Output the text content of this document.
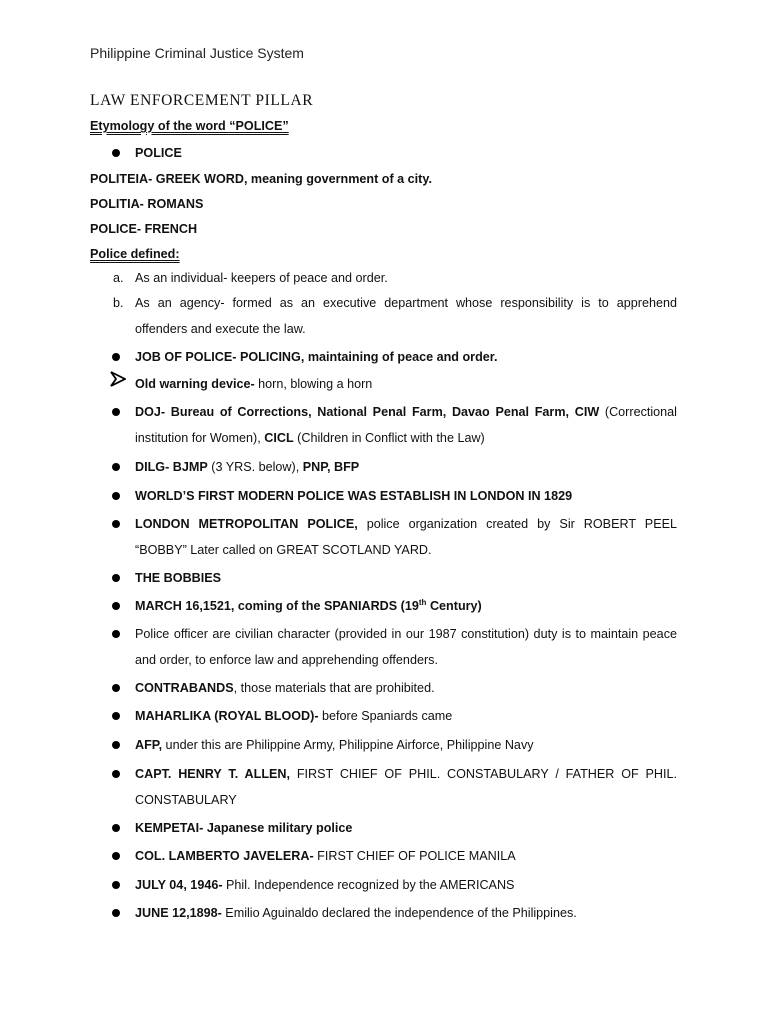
Philippine Criminal Justice System
LAW ENFORCEMENT PILLAR
Etymology of the word “POLICE”
POLICE
POLITEIA- GREEK WORD, meaning government of a city.
POLITIA- ROMANS
POLICE- FRENCH
Police defined:
a. As an individual- keepers of peace and order.
b. As an agency- formed as an executive department whose responsibility is to apprehend offenders and execute the law.
JOB OF POLICE- POLICING, maintaining of peace and order.
Old warning device- horn, blowing a horn
DOJ- Bureau of Corrections, National Penal Farm, Davao Penal Farm, CIW (Correctional institution for Women), CICL (Children in Conflict with the Law)
DILG- BJMP (3 YRS. below), PNP, BFP
WORLD’S FIRST MODERN POLICE WAS ESTABLISH IN LONDON IN 1829
LONDON METROPOLITAN POLICE, police organization created by Sir ROBERT PEEL “BOBBY” Later called on GREAT SCOTLAND YARD.
THE BOBBIES
MARCH 16,1521, coming of the SPANIARDS (19th Century)
Police officer are civilian character (provided in our 1987 constitution) duty is to maintain peace and order, to enforce law and apprehending offenders.
CONTRABANDS, those materials that are prohibited.
MAHARLIKA (ROYAL BLOOD)- before Spaniards came
AFP, under this are Philippine Army, Philippine Airforce, Philippine Navy
CAPT. HENRY T. ALLEN, FIRST CHIEF OF PHIL. CONSTABULARY / FATHER OF PHIL. CONSTABULARY
KEMPETAI- Japanese military police
COL. LAMBERTO JAVELERA- FIRST CHIEF OF POLICE MANILA
JULY 04, 1946- Phil. Independence recognized by the AMERICANS
JUNE 12,1898- Emilio Aguinaldo declared the independence of the Philippines.
